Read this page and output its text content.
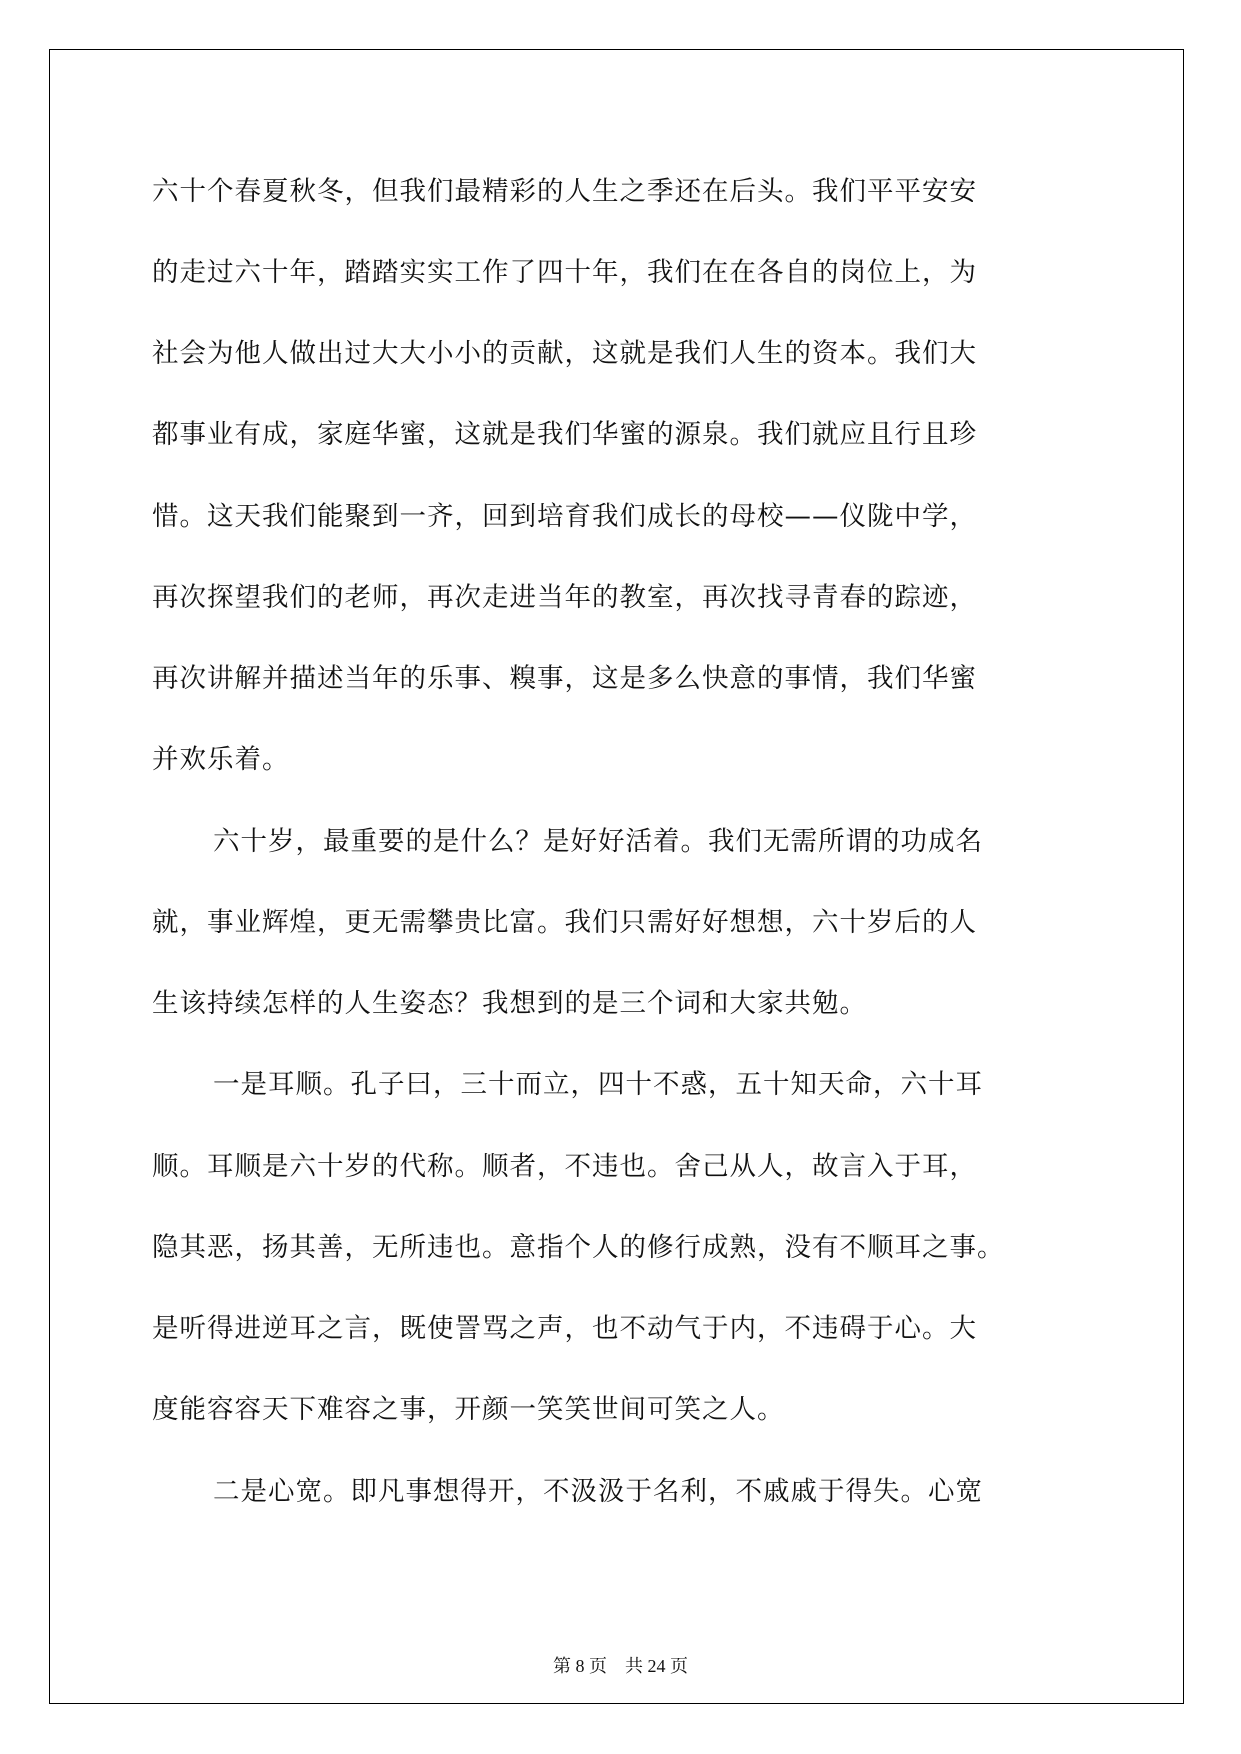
六十个春夏秋冬，但我们最精彩的人生之季还在后头。我们平平安安
的走过六十年，踏踏实实工作了四十年，我们在在各自的岗位上，为
社会为他人做出过大大小小的贡献，这就是我们人生的资本。我们大
都事业有成，家庭华蜜，这就是我们华蜜的源泉。我们就应且行且珍
惜。这天我们能聚到一齐，回到培育我们成长的母校——仪陇中学，
再次探望我们的老师，再次走进当年的教室，再次找寻青春的踪迹，
再次讲解并描述当年的乐事、糗事，这是多么快意的事情，我们华蜜
并欢乐着。
六十岁，最重要的是什么？是好好活着。我们无需所谓的功成名
就，事业辉煌，更无需攀贵比富。我们只需好好想想，六十岁后的人
生该持续怎样的人生姿态？我想到的是三个词和大家共勉。
一是耳顺。孔子曰，三十而立，四十不惑，五十知天命，六十耳
顺。耳顺是六十岁的代称。顺者，不违也。舍己从人，故言入于耳，
隐其恶，扬其善，无所违也。意指个人的修行成熟，没有不顺耳之事。
是听得进逆耳之言，既使詈骂之声，也不动气于内，不违碍于心。大
度能容容天下难容之事，开颜一笑笑世间可笑之人。
二是心宽。即凡事想得开，不汲汲于名利，不戚戚于得失。心宽
第 8 页　共 24 页
